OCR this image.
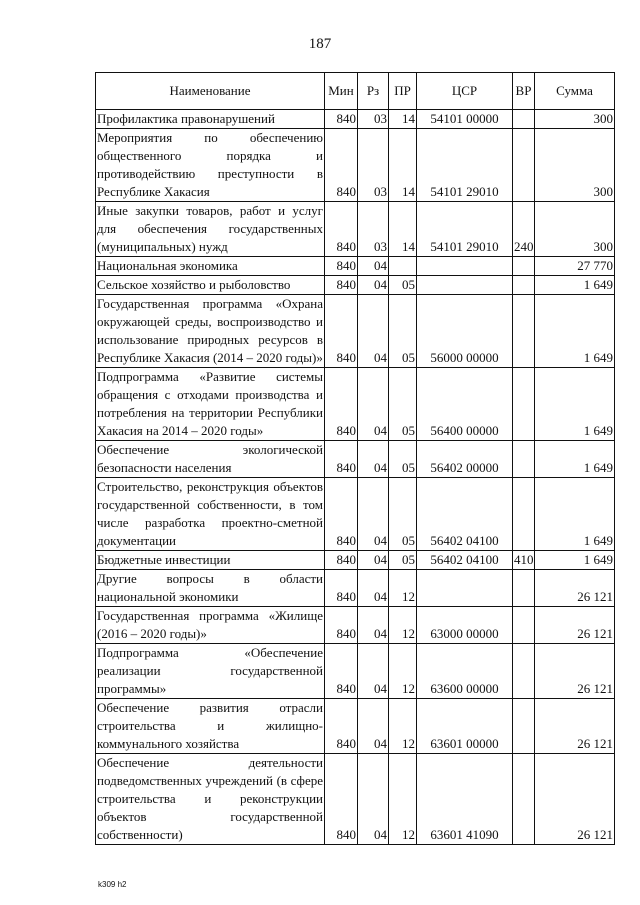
187
Наименование	Мин	Рз	ПР	ЦСР	ВР	Сумма
Профилактика правонарушений	840	03	14	54101 00000		300
Мероприятия по обеспечению общественного порядка и противодействию преступности в Республике Хакасия	840	03	14	54101 29010		300
Иные закупки товаров, работ и услуг для обеспечения государственных (муниципальных) нужд	840	03	14	54101 29010	240	300
Национальная экономика	840	04				27 770
Сельское хозяйство и рыболовство	840	04	05			1 649
Государственная программа «Охрана окружающей среды, воспроизводство и использование природных ресурсов в Республике Хакасия (2014 – 2020 годы)»	840	04	05	56000 00000		1 649
Подпрограмма «Развитие системы обращения с отходами производства и потребления на территории Республики Хакасия на 2014 – 2020 годы»	840	04	05	56400 00000		1 649
Обеспечение экологической безопасности населения	840	04	05	56402 00000		1 649
Строительство, реконструкция объектов государственной собственности, в том числе разработка проектно-сметной документации	840	04	05	56402 04100		1 649
Бюджетные инвестиции	840	04	05	56402 04100	410	1 649
Другие вопросы в области национальной экономики	840	04	12			26 121
Государственная программа «Жилище (2016 – 2020 годы)»	840	04	12	63000 00000		26 121
Подпрограмма «Обеспечение реализации государственной программы»	840	04	12	63600 00000		26 121
Обеспечение развития отрасли строительства и жилищно-коммунального хозяйства	840	04	12	63601 00000		26 121
Обеспечение деятельности подведомственных учреждений (в сфере строительства и реконструкции объектов государственной собственности)	840	04	12	63601 41090		26 121
k309 h2
